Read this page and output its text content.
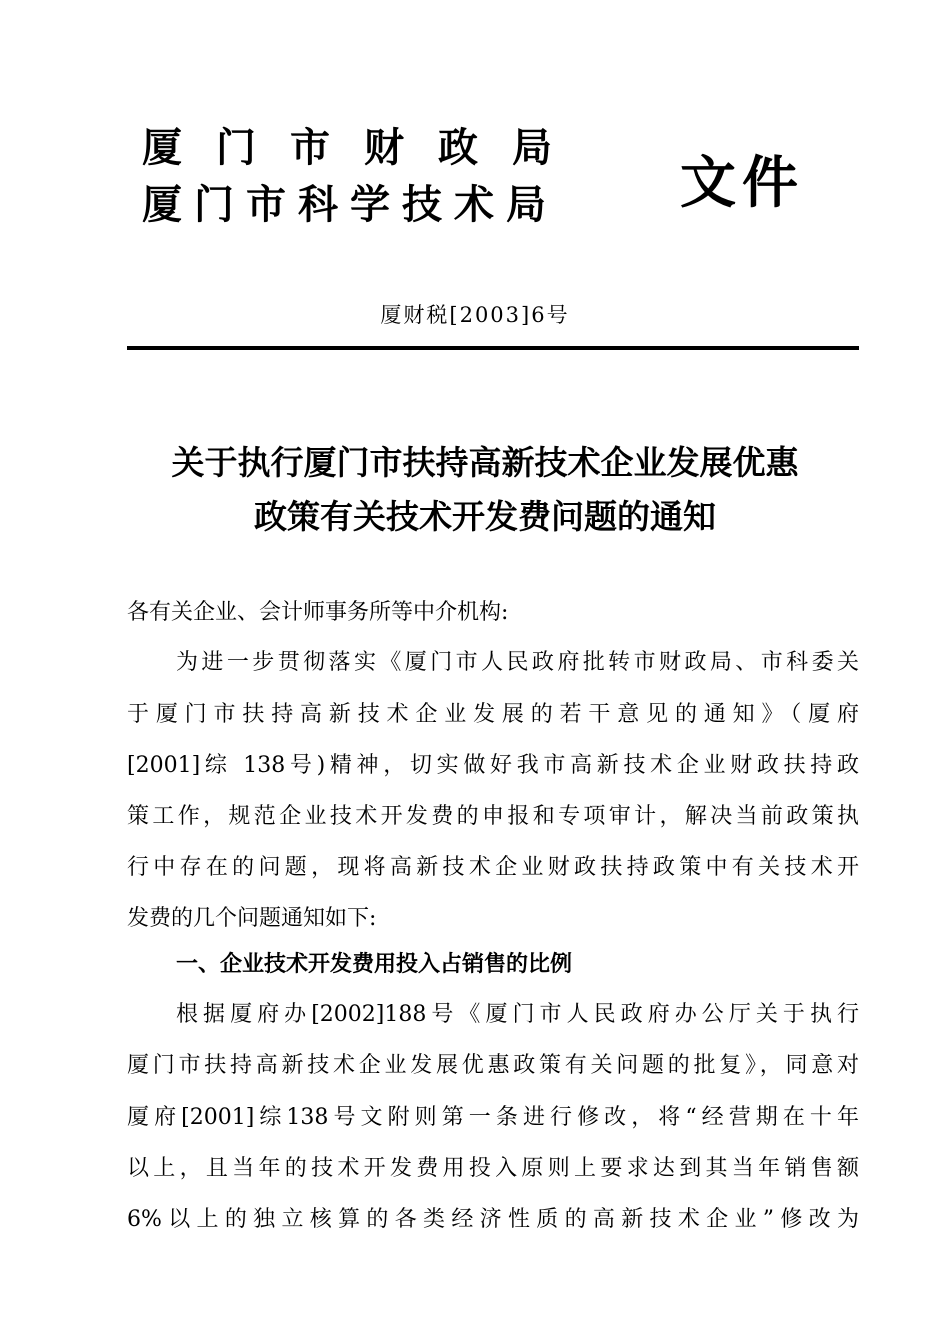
厦门市财政局
厦门市科学技术局 文件
厦财税[2003]6号
关于执行厦门市扶持高新技术企业发展优惠
政策有关技术开发费问题的通知
各有关企业、会计师事务所等中介机构:
为进一步贯彻落实《厦门市人民政府批转市财政局、市科委关
于厦门市扶持高新技术企业发展的若干意见的通知》（厦府
[2001]综 138号)精神，切实做好我市高新技术企业财政扶持政
策工作，规范企业技术开发费的申报和专项审计，解决当前政策执
行中存在的问题，现将高新技术企业财政扶持政策中有关技术开
发费的几个问题通知如下:
一、企业技术开发费用投入占销售的比例
根据厦府办[2002]188号《厦门市人民政府办公厅关于执行
厦门市扶持高新技术企业发展优惠政策有关问题的批复》，同意对
厦府[2001]综138号文附则第一条进行修改，将“经营期在十年
以上，且当年的技术开发费用投入原则上要求达到其当年销售额
6%以上的独立核算的各类经济性质的高新技术企业”修改为
